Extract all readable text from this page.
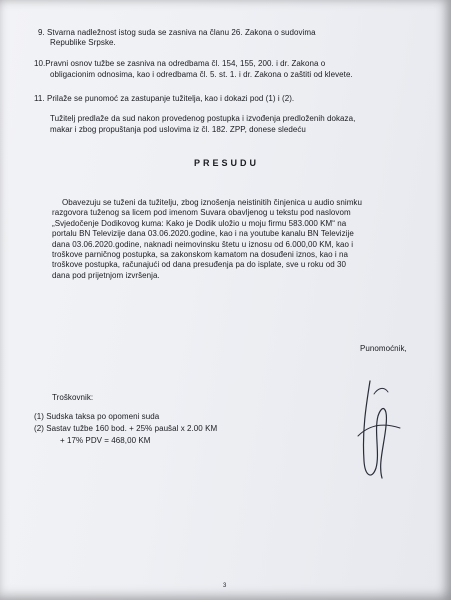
9. Stvarna nadležnost istog suda se zasniva na članu 26. Zakona o sudovima
Republike Srpske.
10.Pravni osnov tužbe se zasniva na odredbama čl. 154, 155, 200. i dr. Zakona o
obligacionim odnosima, kao i odredbama čl. 5. st. 1. i dr. Zakona o zaštiti od klevete.
11. Prilaže se punomoć za zastupanje tužitelja, kao i dokazi pod (1) i (2).
Tužitelj predlaže da sud nakon provedenog postupka i izvođenja predloženih dokaza,
makar i zbog propuštanja pod uslovima iz čl. 182. ZPP, donese sledeću
PRESUDU
Obavezuju se tuženi da tužitelju, zbog iznošenja neistinitih činjenica u audio snimku
razgovora tuženog sa licem pod imenom Suvara obavljenog u tekstu pod naslovom
„Svjedočenje Dodikovog kuma: Kako je Dodik uložio u moju firmu 583.000 KM“ na
portalu BN Televizije dana 03.06.2020.godine, kao i na youtube kanalu BN Televizije
dana 03.06.2020.godine, naknadi neimovinsku štetu u iznosu od 6.000,00 KM, kao i
troškove parničnog postupka, sa zakonskom kamatom na dosuđeni iznos, kao i na
troškove postupka, računajući od dana presuđenja pa do isplate, sve u roku od 30
dana pod prijetnjom izvršenja.
Punomoćnik,
Troškovnik:
(1) Sudska taksa po opomeni suda
(2) Sastav tužbe 160 bod. + 25% paušal x 2.00 KM
+ 17% PDV = 468,00 KM
3
